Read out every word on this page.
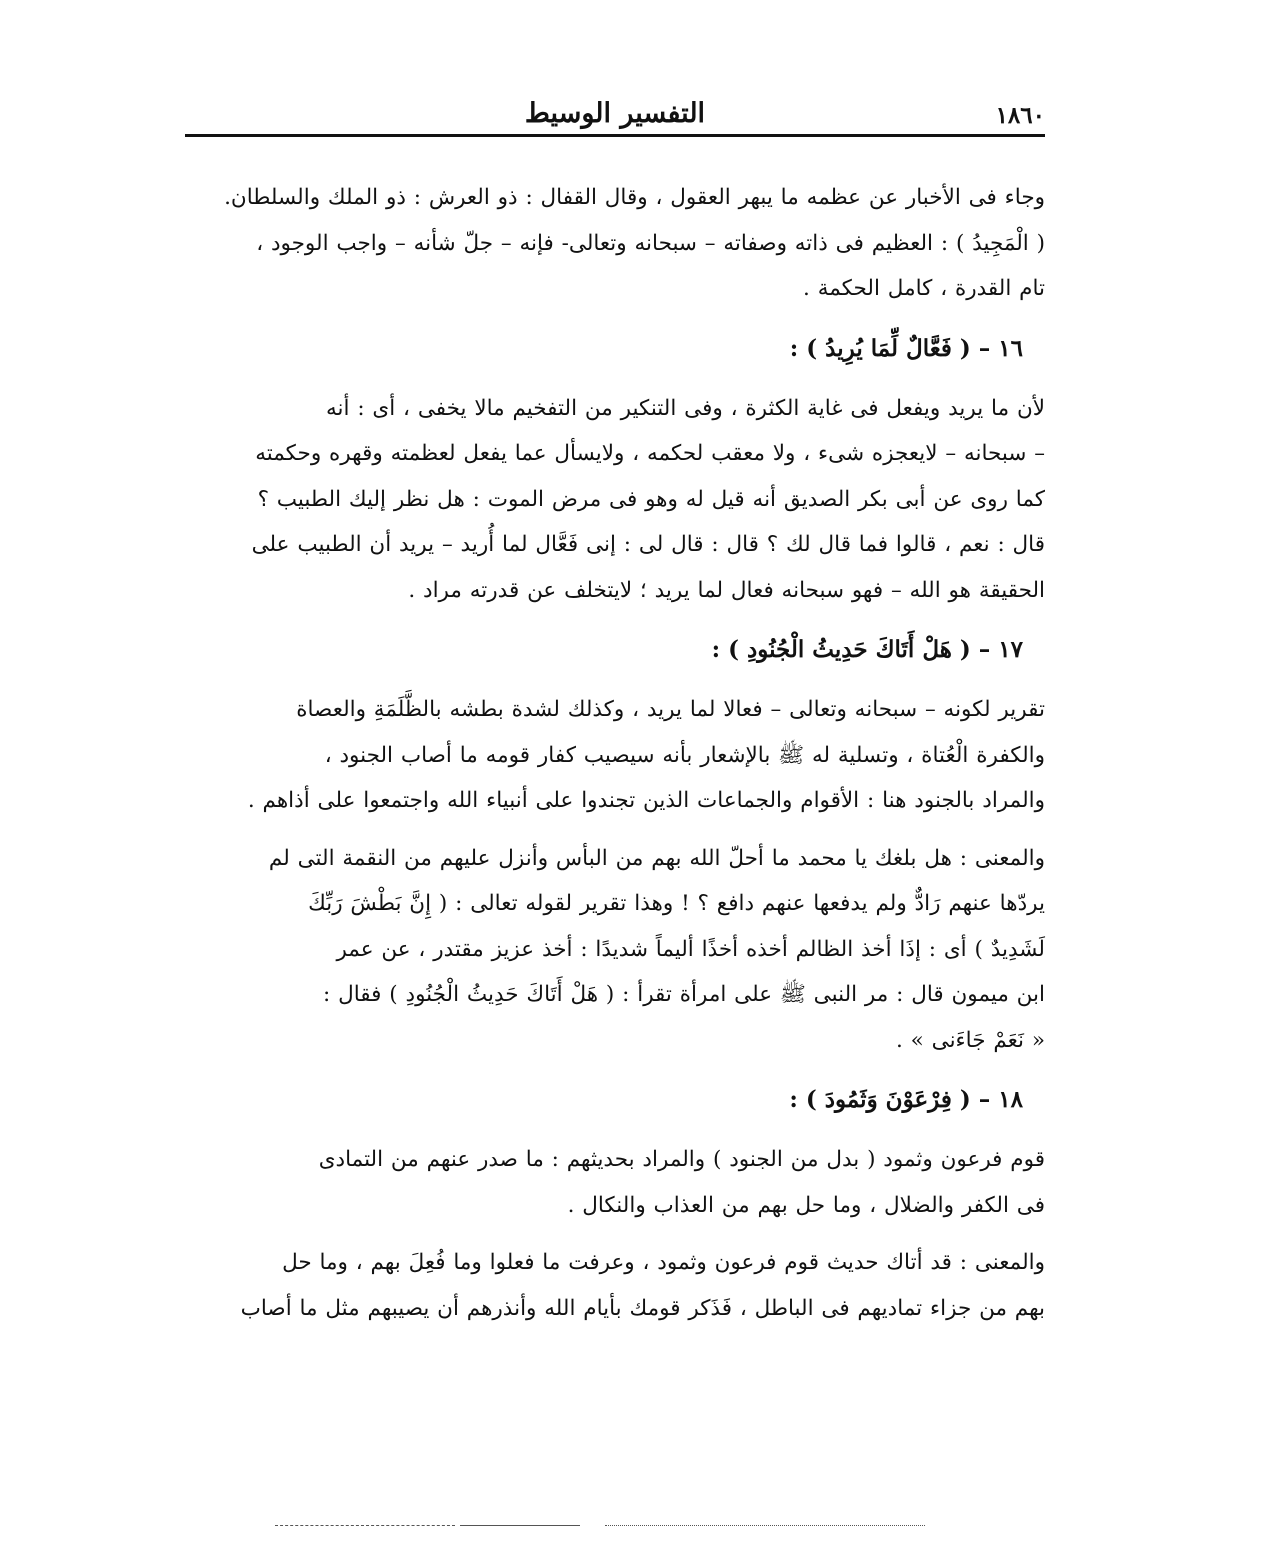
١٨٦٠
التفسير الوسيط

وجاء فى الأخبار عن عظمه ما يبهر العقول ، وقال القفال : ذو العرش : ذو الملك والسلطان.

( الْمَجِيدُ ) : العظيم فى ذاته وصفاته – سبحانه وتعالى- فإنه – جلّ شأنه – واجب الوجود ،

تام القدرة ، كامل الحكمة .

١٦ – ( فَعَّالٌ لِّمَا يُرِيدُ ) :

لأن ما يريد ويفعل فى غاية الكثرة ، وفى التنكير من التفخيم مالا يخفى ، أى : أنه

– سبحانه – لايعجزه شىء ، ولا معقب لحكمه ، ولايسأل عما يفعل لعظمته وقهره وحكمته

كما روى عن أبى بكر الصديق أنه قيل له وهو فى مرض الموت : هل نظر إليك الطبيب ؟

قال : نعم ، قالوا فما قال لك ؟ قال : قال لى : إنى فَعَّال لما أُريد – يريد أن الطبيب على

الحقيقة هو الله – فهو سبحانه فعال لما يريد ؛ لايتخلف عن قدرته مراد .

١٧ – ( هَلْ أَتَاكَ حَدِيثُ الْجُنُودِ ) :

تقرير لكونه – سبحانه وتعالى – فعالا لما يريد ، وكذلك لشدة بطشه بالظَّلَمَةِ والعصاة

والكفرة الْعُتاة ، وتسلية له ﷺ بالإشعار بأنه سيصيب كفار قومه ما أصاب الجنود ،

والمراد بالجنود هنا : الأقوام والجماعات الذين تجندوا على أنبياء الله واجتمعوا على أذاهم .

والمعنى : هل بلغك يا محمد ما أحلّ الله بهم من البأس وأنزل عليهم من النقمة التى لم

يردّها عنهم رَادٌّ ولم يدفعها عنهم دافع ؟ ! وهذا تقرير لقوله تعالى : ( إِنَّ بَطْشَ رَبِّكَ

لَشَدِيدٌ ) أى : إذَا أخذ الظالم أخذه أخذًا أليماً شديدًا : أخذ عزيز مقتدر ، عن عمر

ابن ميمون قال : مر النبى ﷺ على امرأة تقرأ : ( هَلْ أَتَاكَ حَدِيثُ الْجُنُودِ ) فقال :

« نَعَمْ جَاءَنى » .

١٨ – ( فِرْعَوْنَ وَثَمُودَ ) :

قوم فرعون وثمود ( بدل من الجنود ) والمراد بحديثهم : ما صدر عنهم من التمادى

فى الكفر والضلال ، وما حل بهم من العذاب والنكال .

والمعنى : قد أتاك حديث قوم فرعون وثمود ، وعرفت ما فعلوا وما فُعِلَ بهم ، وما حل

بهم من جزاء تماديهم فى الباطل ، فَذَكر قومك بأيام الله وأنذرهم أن يصيبهم مثل ما أصاب
